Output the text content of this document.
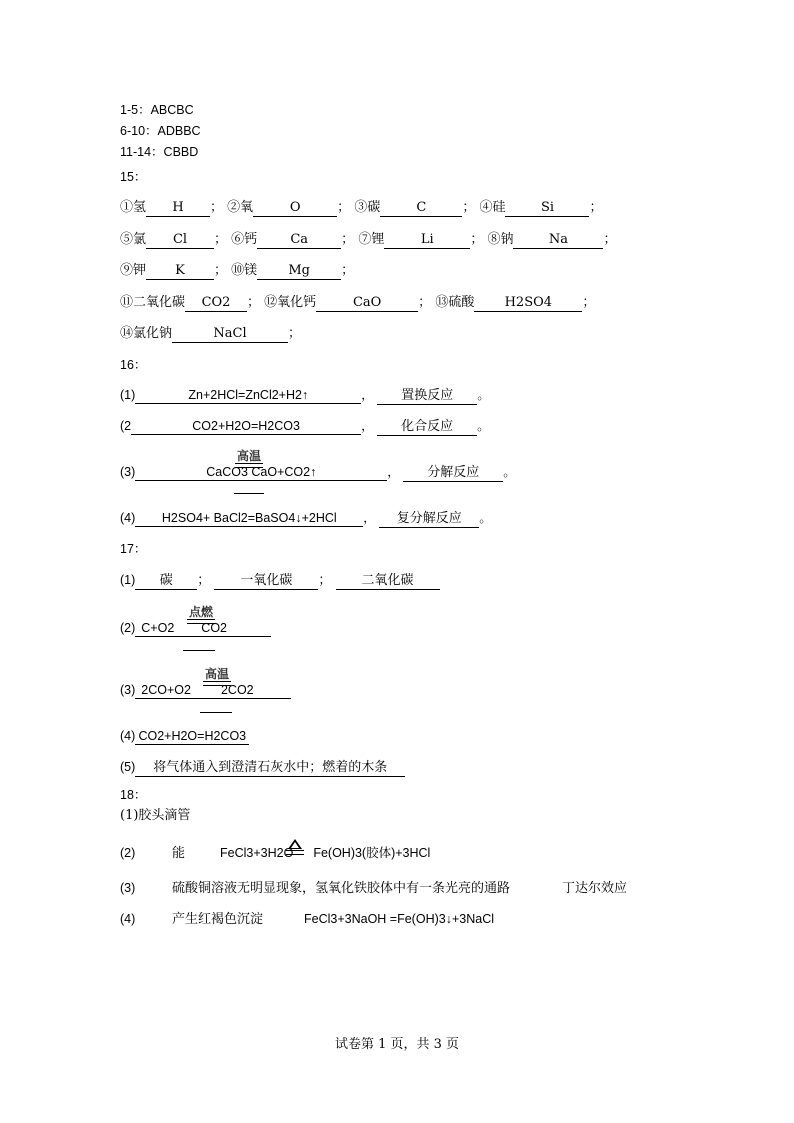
1-5：ABCBC
6-10：ADBBC
11-14：CBBD
15：
①氢 H ； ②氧	O	； ③碳	C	； ④硅	Si	；
⑤氯 Cl ； ⑥钙	Ca	； ⑦锂	Li	； ⑧钠	Na	；
⑨钾 K ； ⑩镁 Mg ；
⑪二氧化碳 CO2 ； ⑫氧化钙	CaO	； ⑬硫酸 H2SO4 ；
⑭氯化钠	NaCl	；
16：
(1)	Zn+2HCl=ZnCl2+H2↑	， 置换反应 。
(2	CO2+H2O=H2CO3	， 化合反应 。
高温
(3)	CaCO3 CaO+CO2↑	， 分解反应 。
(4) H2SO4+ BaCl2=BaSO4↓+2HCl ， 复分解反应 。
17：
(1) 碳 ； 一氧化碳 ； 二氧化碳
点燃
(2) C+O2 CO2
高温
(3) 2CO+O2 2CO2
(4) CO2+H2O=H2CO3
(5) 将气体通入到澄清石灰水中；燃着的木条
18：
(1)胶头滴管
(2)	能	FeCl3+3H2O Fe(OH)3(胶体)+3HCl
(3)	硫酸铜溶液无明显现象，氢氧化铁胶体中有一条光亮的通路	丁达尔效应
(4)	产生红褐色沉淀	FeCl3+3NaOH =Fe(OH)3↓+3NaCl
试卷第 1 页，共 3 页
